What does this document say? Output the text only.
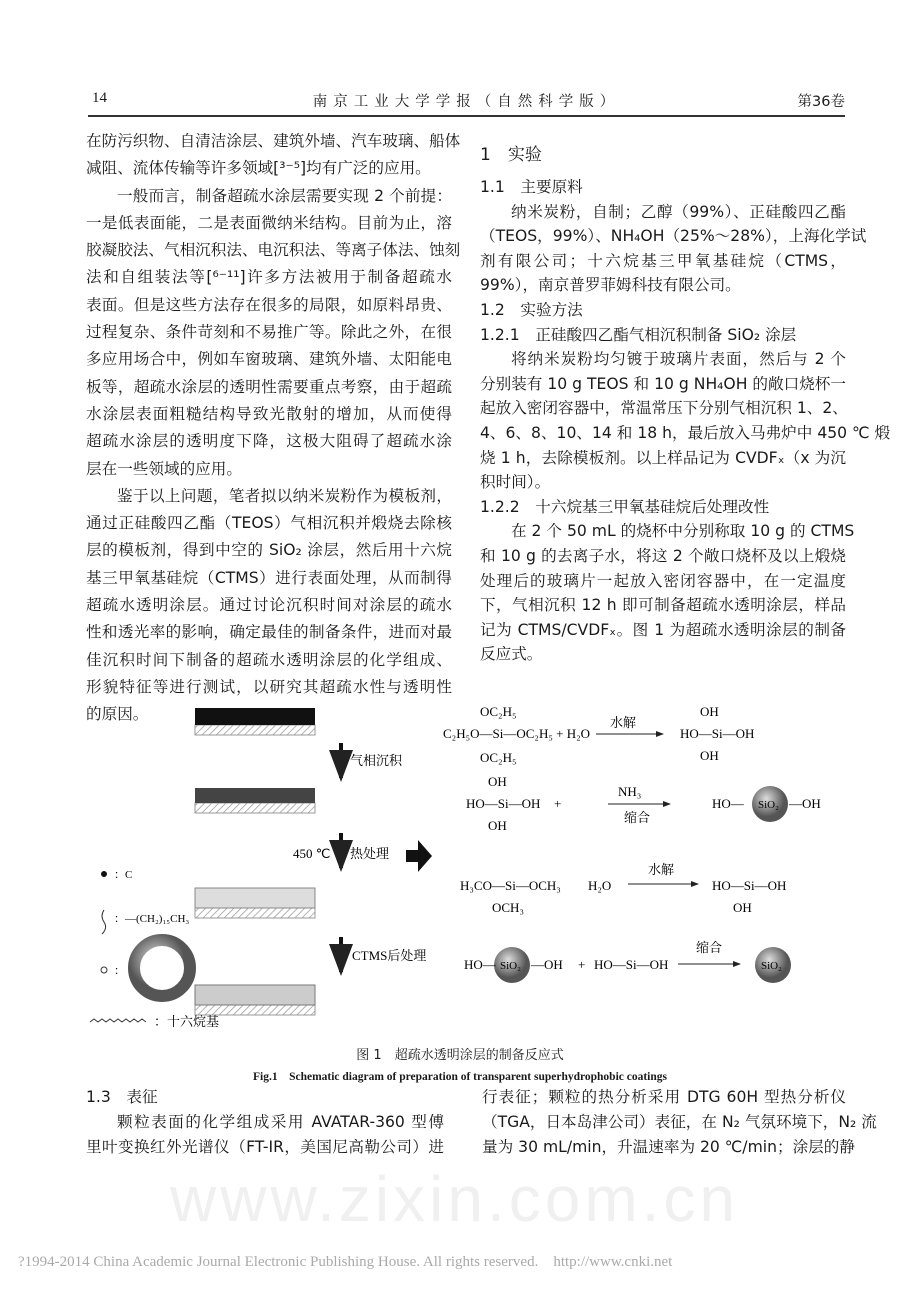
14	南京工业大学学报（自然科学版）	第36卷
在防污织物、自清洁涂层、建筑外墙、汽车玻璃、船体
减阻、流体传输等许多领域[³⁻⁵]均有广泛的应用。
一般而言，制备超疏水涂层需要实现 2 个前提：
一是低表面能，二是表面微纳米结构。目前为止，溶
胶凝胶法、气相沉积法、电沉积法、等离子体法、蚀刻
法和自组装法等[⁶⁻¹¹]许多方法被用于制备超疏水
表面。但是这些方法存在很多的局限，如原料昂贵、
过程复杂、条件苛刻和不易推广等。除此之外，在很
多应用场合中，例如车窗玻璃、建筑外墙、太阳能电
板等，超疏水涂层的透明性需要重点考察，由于超疏
水涂层表面粗糙结构导致光散射的增加，从而使得
超疏水涂层的透明度下降，这极大阻碍了超疏水涂
层在一些领域的应用。
鉴于以上问题，笔者拟以纳米炭粉作为模板剂，
通过正硅酸四乙酯（TEOS）气相沉积并煅烧去除核
层的模板剂，得到中空的 SiO₂ 涂层，然后用十六烷
基三甲氧基硅烷（CTMS）进行表面处理，从而制得
超疏水透明涂层。通过讨论沉积时间对涂层的疏水
性和透光率的影响，确定最佳的制备条件，进而对最
佳沉积时间下制备的超疏水透明涂层的化学组成、
形貌特征等进行测试，以研究其超疏水性与透明性
的原因。
1　实验
1.1　主要原料
纳米炭粉，自制；乙醇（99%）、正硅酸四乙酯
（TEOS，99%）、NH₄OH（25%～28%），上海化学试
剂有限公司；十六烷基三甲氧基硅烷（CTMS，
99%），南京普罗菲姆科技有限公司。
1.2　实验方法
1.2.1　正硅酸四乙酯气相沉积制备 SiO₂ 涂层
将纳米炭粉均匀镀于玻璃片表面，然后与 2 个
分别装有 10 g TEOS 和 10 g NH₄OH 的敞口烧杯一
起放入密闭容器中，常温常压下分别气相沉积 1、2、
4、6、8、10、14 和 18 h，最后放入马弗炉中 450 ℃ 煅
烧 1 h，去除模板剂。以上样品记为 CVDFₓ（x 为沉
积时间）。
1.2.2　十六烷基三甲氧基硅烷后处理改性
在 2 个 50 mL 的烧杯中分别称取 10 g 的 CTMS
和 10 g 的去离子水，将这 2 个敞口烧杯及以上煅烧
处理后的玻璃片一起放入密闭容器中，在一定温度
下，气相沉积 12 h 即可制备超疏水透明涂层，样品
记为 CTMS/CVDFₓ。图 1 为超疏水透明涂层的制备
反应式。
气相沉积
450 ℃ 热处理
CTMS后处理
：C
：—(CH₂)₁₅CH₃
：
：十六烷基
OC₂H₅
C₂H₅O—Si—OC₂H₅ + H₂O
OC₂H₅
水解
OH
HO—Si—OH
OH
OH
HO—Si—OH
OH
+
NH₃
缩合
SiO₂
HO—	—OH
H₃CO—Si—OCH₃
OCH₃
H₂O
水解
HO—Si—OH
OH
SiO₂
HO—	—OH + HO—Si—OH
缩合
SiO₂
图 1　超疏水透明涂层的制备反应式
Fig.1　Schematic diagram of preparation of transparent superhydrophobic coatings
1.3　表征
颗粒表面的化学组成采用 AVATAR-360 型傅
里叶变换红外光谱仪（FT-IR，美国尼高勒公司）进
行表征；颗粒的热分析采用 DTG 60H 型热分析仪
（TGA，日本岛津公司）表征，在 N₂ 气氛环境下，N₂ 流
量为 30 mL/min，升温速率为 20 ℃/min；涂层的静
www.zixin.com.cn
?1994-2014 China Academic Journal Electronic Publishing House. All rights reserved.    http://www.cnki.net
